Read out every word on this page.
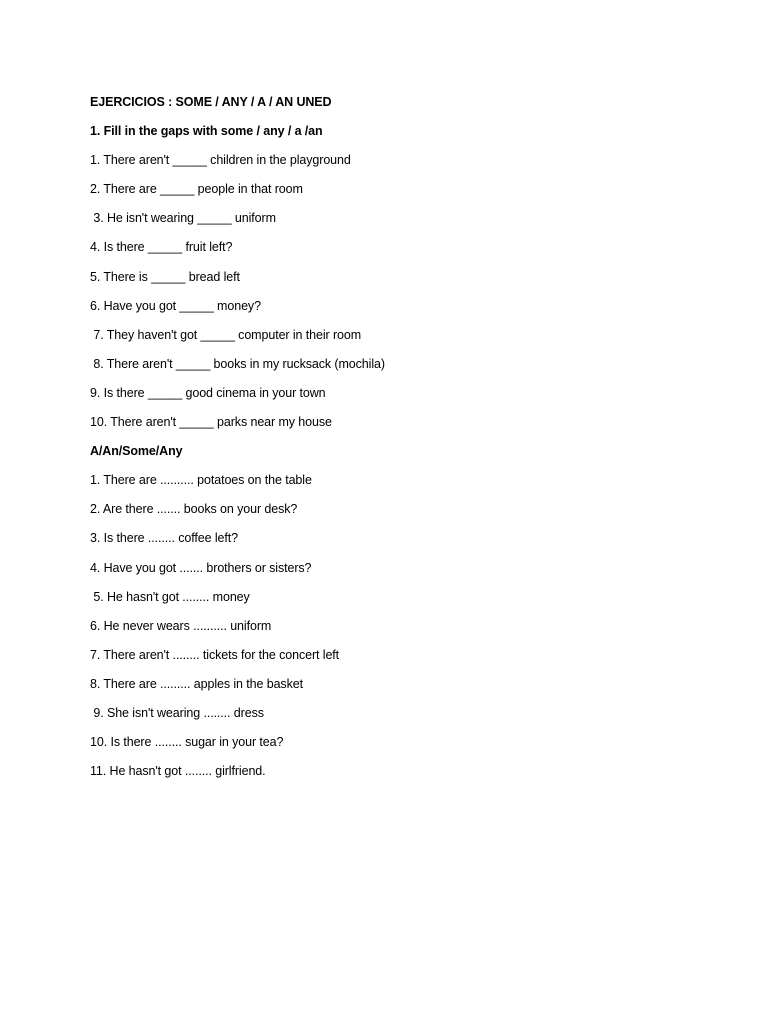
EJERCICIOS : SOME / ANY / A / AN UNED
1. Fill in the gaps with some / any / a /an
1. There aren't _____ children in the playground
2. There are _____ people in that room
3. He isn't wearing _____ uniform
4. Is there _____ fruit left?
5. There is _____ bread left
6. Have you got _____ money?
7. They haven't got _____ computer in their room
8. There aren't _____ books in my rucksack (mochila)
9. Is there _____ good cinema in your town
10. There aren't _____ parks near my house
A/An/Some/Any
1. There are .......... potatoes on the table
2. Are there ....... books on your desk?
3. Is there ........ coffee left?
4. Have you got ....... brothers or sisters?
5. He hasn't got ........ money
6. He never wears .......... uniform
7. There aren't ........ tickets for the concert left
8. There are ......... apples in the basket
9. She isn't wearing ........ dress
10. Is there ........ sugar in your tea?
11. He hasn't got ........ girlfriend.
